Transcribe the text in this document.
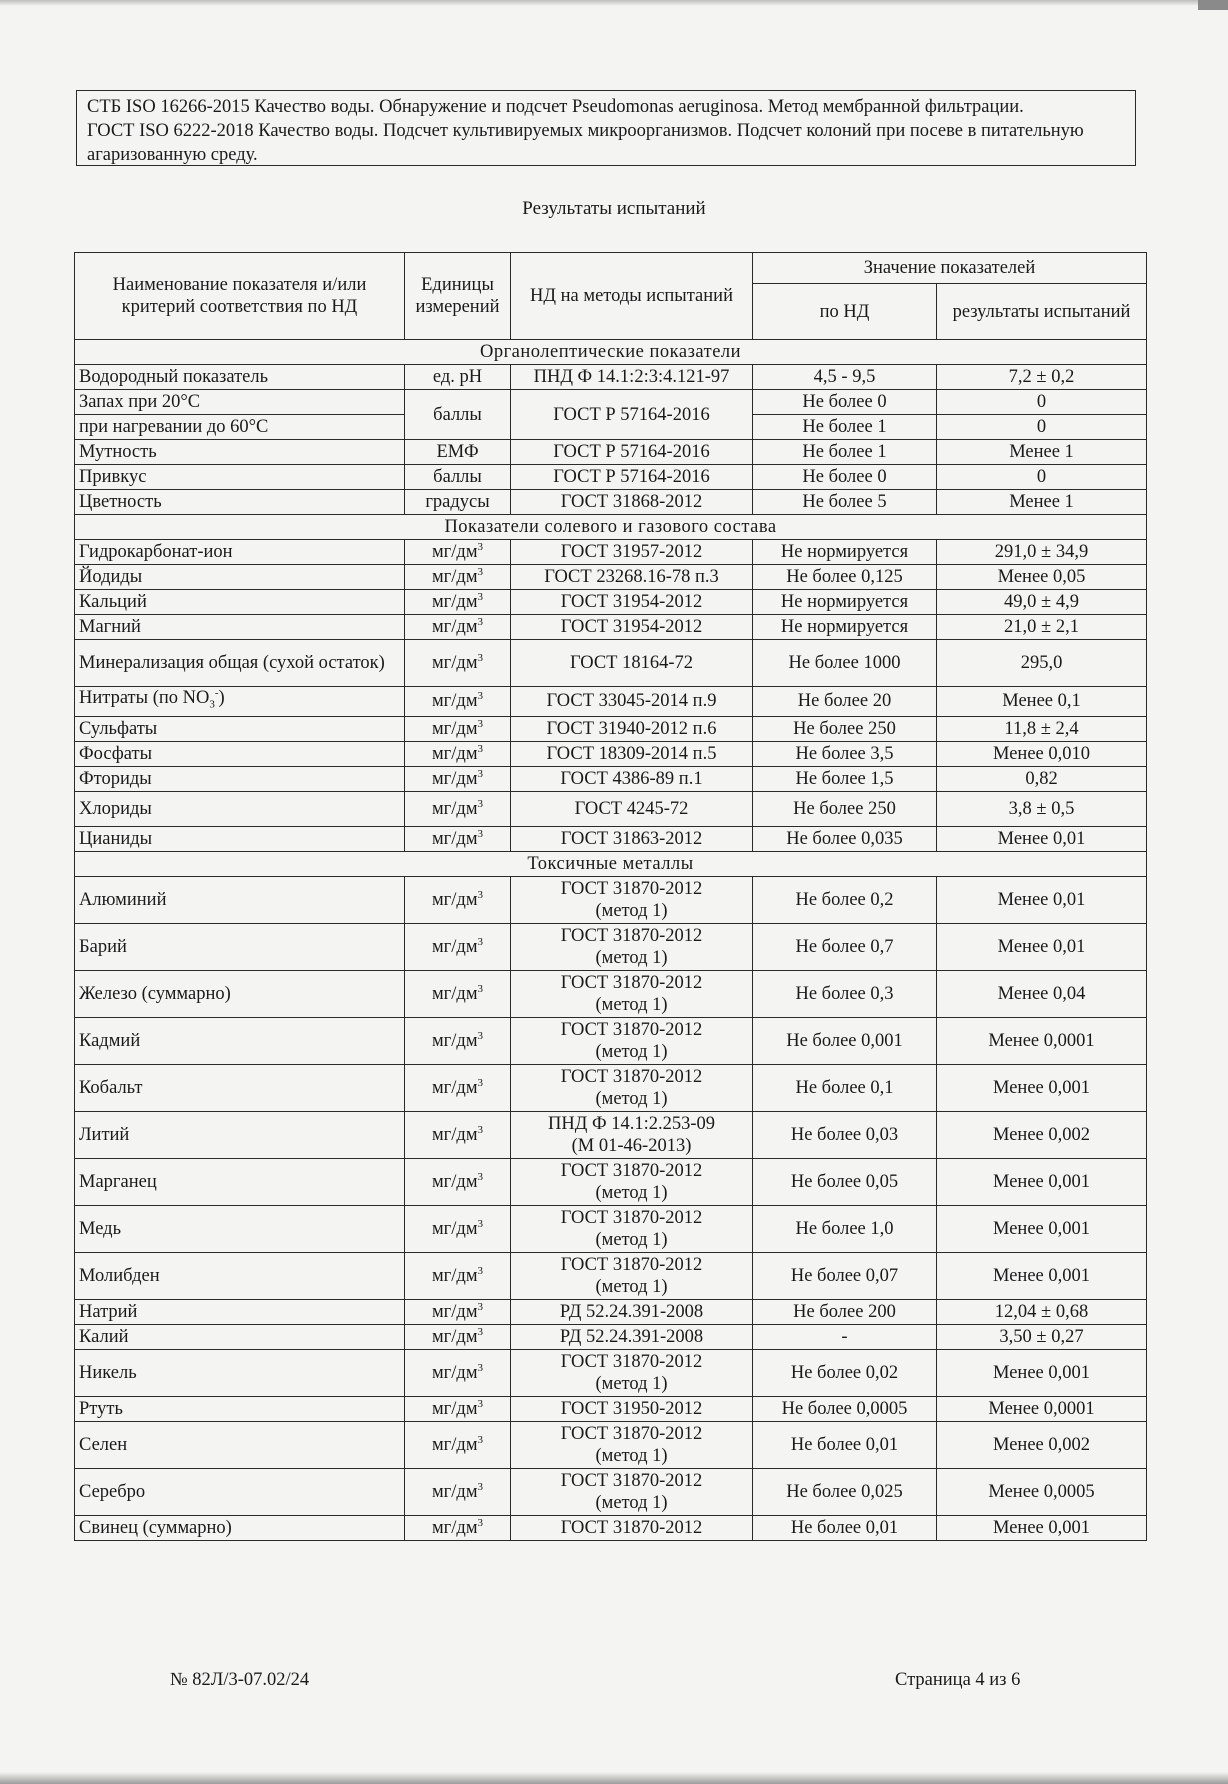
СТБ ISO 16266-2015 Качество воды. Обнаружение и подсчет Pseudomonas aeruginosa. Метод мембранной фильтрации.

ГОСТ ISO 6222-2018 Качество воды. Подсчет культивируемых микроорганизмов. Подсчет колоний при посеве в питательную агаризованную среду.

Результаты испытаний
Наименование показателя и/или критерий соответствия по НД	Единицы измерений	НД на методы испытаний	Значение показателей	
			по НД	результаты испытаний
Органолептические показатели				
Водородный показатель	ед. рН	ПНД Ф 14.1:2:3:4.121-97	4,5 - 9,5	7,2 ± 0,2
Запах при 20°С	баллы	ГОСТ Р 57164-2016	Не более 0	0
при нагревании до 60°С			Не более 1	0
Мутность	ЕМФ	ГОСТ Р 57164-2016	Не более 1	Менее 1
Привкус	баллы	ГОСТ Р 57164-2016	Не более 0	0
Цветность	градусы	ГОСТ 31868-2012	Не более 5	Менее 1
Показатели солевого и газового состава				
Гидрокарбонат-ион	$мг/дм^3$	ГОСТ 31957-2012	Не нормируется	291,0 ± 34,9
Йодиды	$мг/дм^3$	ГОСТ 23268.16-78 п.3	Не более 0,125	Менее 0,05
Кальций	$мг/дм^3$	ГОСТ 31954-2012	Не нормируется	49,0 ± 4,9
Магний	$мг/дм^3$	ГОСТ 31954-2012	Не нормируется	21,0 ± 2,1
Минерализация общая (сухой остаток)	$мг/дм^3$	ГОСТ 18164-72	Не более 1000	295,0
Нитраты (по $NO_3^-$)	$мг/дм^3$	ГОСТ 33045-2014 п.9	Не более 20	Менее 0,1
Сульфаты	$мг/дм^3$	ГОСТ 31940-2012 п.6	Не более 250	11,8 ± 2,4
Фосфаты	$мг/дм^3$	ГОСТ 18309-2014 п.5	Не более 3,5	Менее 0,010
Фториды	$мг/дм^3$	ГОСТ 4386-89 п.1	Не более 1,5	0,82
Хлориды	$мг/дм^3$	ГОСТ 4245-72	Не более 250	3,8 ± 0,5
Цианиды	$мг/дм^3$	ГОСТ 31863-2012	Не более 0,035	Менее 0,01
Токсичные металлы				
Алюминий	$мг/дм^3$	ГОСТ 31870-2012
(метод 1)	Не более 0,2	Менее 0,01
Барий	$мг/дм^3$	ГОСТ 31870-2012
(метод 1)	Не более 0,7	Менее 0,01
Железо (суммарно)	$мг/дм^3$	ГОСТ 31870-2012
(метод 1)	Не более 0,3	Менее 0,04
Кадмий	$мг/дм^3$	ГОСТ 31870-2012
(метод 1)	Не более 0,001	Менее 0,0001
Кобальт	$мг/дм^3$	ГОСТ 31870-2012
(метод 1)	Не более 0,1	Менее 0,001
Литий	$мг/дм^3$	ПНД Ф 14.1:2.253-09
(М 01-46-2013)	Не более 0,03	Менее 0,002
Марганец	$мг/дм^3$	ГОСТ 31870-2012
(метод 1)	Не более 0,05	Менее 0,001
Медь	$мг/дм^3$	ГОСТ 31870-2012
(метод 1)	Не более 1,0	Менее 0,001
Молибден	$мг/дм^3$	ГОСТ 31870-2012
(метод 1)	Не более 0,07	Менее 0,001
Натрий	$мг/дм^3$	РД 52.24.391-2008	Не более 200	12,04 ± 0,68
Калий	$мг/дм^3$	РД 52.24.391-2008	-	3,50 ± 0,27
Никель	$мг/дм^3$	ГОСТ 31870-2012
(метод 1)	Не более 0,02	Менее 0,001
Ртуть	$мг/дм^3$	ГОСТ 31950-2012	Не более 0,0005	Менее 0,0001
Селен	$мг/дм^3$	ГОСТ 31870-2012
(метод 1)	Не более 0,01	Менее 0,002
Серебро	$мг/дм^3$	ГОСТ 31870-2012
(метод 1)	Не более 0,025	Менее 0,0005
Свинец (суммарно)	$мг/дм^3$	ГОСТ 31870-2012	Не более 0,01	Менее 0,001
№ 82Л/3-07.02/24	Страница 4 из 6
